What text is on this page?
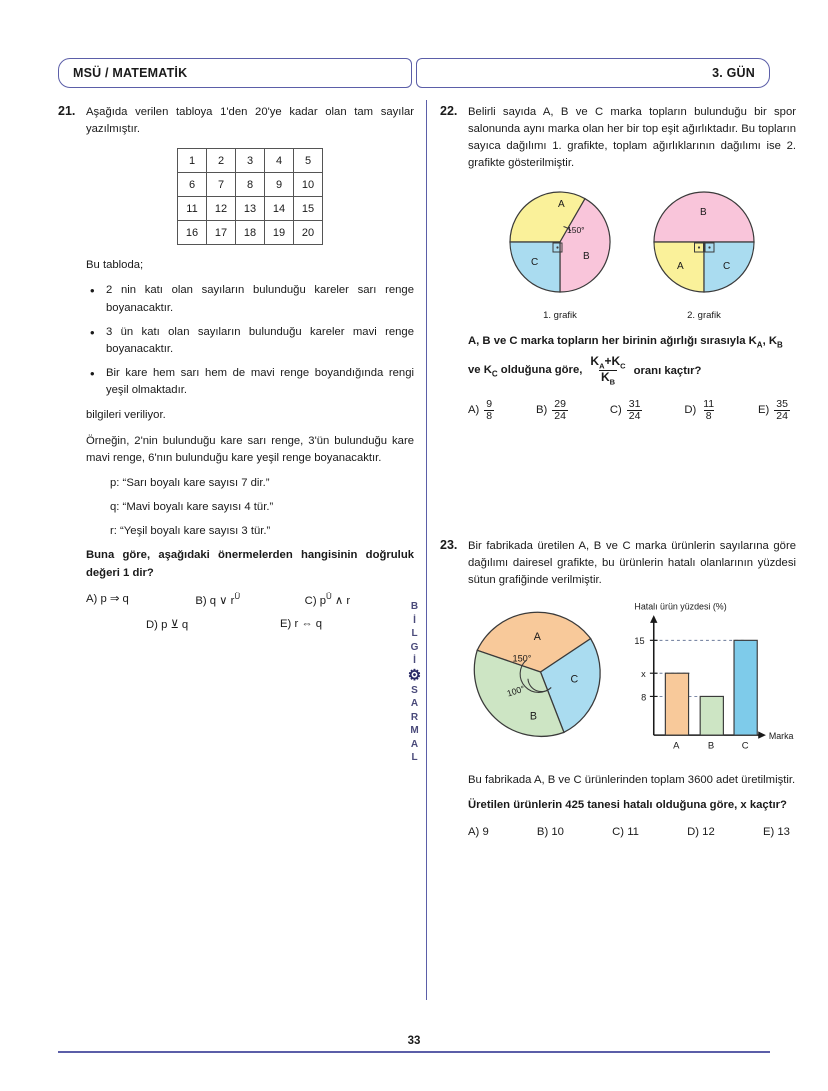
MSÜ / MATEMATİK	3. GÜN
B
İ
L
G
İ
⚙
S
A
R
M
A
L
21. Aşağıda verilen tabloya 1'den 20'ye kadar olan tam sayılar yazılmıştır.

1	2	3	4	5
6	7	8	9	10
11	12	13	14	15
16	17	18	19	20

Bu tabloda;

• 2 nin katı olan sayıların bulunduğu kareler sarı renge boyanacaktır.
• 3 ün katı olan sayıların bulunduğu kareler mavi renge boyanacaktır.
• Bir kare hem sarı hem de mavi renge boyandığında rengi yeşil olmaktadır.

bilgileri veriliyor.

Örneğin, 2'nin bulunduğu kare sarı renge, 3'ün bulunduğu kare mavi renge, 6'nın bulunduğu kare yeşil renge boyanacaktır.

p: “Sarı boyalı kare sayısı 7 dir.”

q: “Mavi boyalı kare sayısı 4 tür.”

r: “Yeşil boyalı kare sayısı 3 tür.”

Buna göre, aşağıdaki önermelerden hangisinin doğruluk değeri 1 dir?

A) p ⇒ q	B) q ∨ $r^Ü$	C) $p^Ü$ ∧ r
D) p ⊻ q	E) r ⇔ q
22. Belirli sayıda A, B ve C marka topların bulunduğu bir spor salonunda aynı marka olan her bir top eşit ağırlıktadır. Bu topların sayıca dağılımı 1. grafikte, toplam ağırlıklarının dağılımı ise 2. grafikte gösterilmiştir.

A
B
C
150°
1. grafik
B
A	C
2. grafik

A, B ve C marka topların her birinin ağırlığı sırasıyla $K_A$, $K_B$

ve $K_C$ olduğuna göre, $\frac{K_A+K_C}{K_B}$ oranı kaçtır?
$A) \frac{9}{8}$	$B) \frac{29}{24}$	$C) \frac{31}{24}$	$D) \frac{11}{8}$	$E) \frac{35}{24}$
23. Bir fabrikada üretilen A, B ve C marka ürünlerin sayılarına göre dağılımı dairesel grafikte, bu ürünlerin hatalı olanlarının yüzdesi sütun grafiğinde verilmiştir.

A
C
B
150°
100°
Hatalı ürün yüzdesi (%)
Marka
15
x
8
A	B	C

Bu fabrikada A, B ve C ürünlerinden toplam 3600 adet üretilmiştir.

Üretilen ürünlerin 425 tanesi hatalı olduğuna göre, x kaçtır?

A) 9	B) 10	C) 11	D) 12	E) 13
33
